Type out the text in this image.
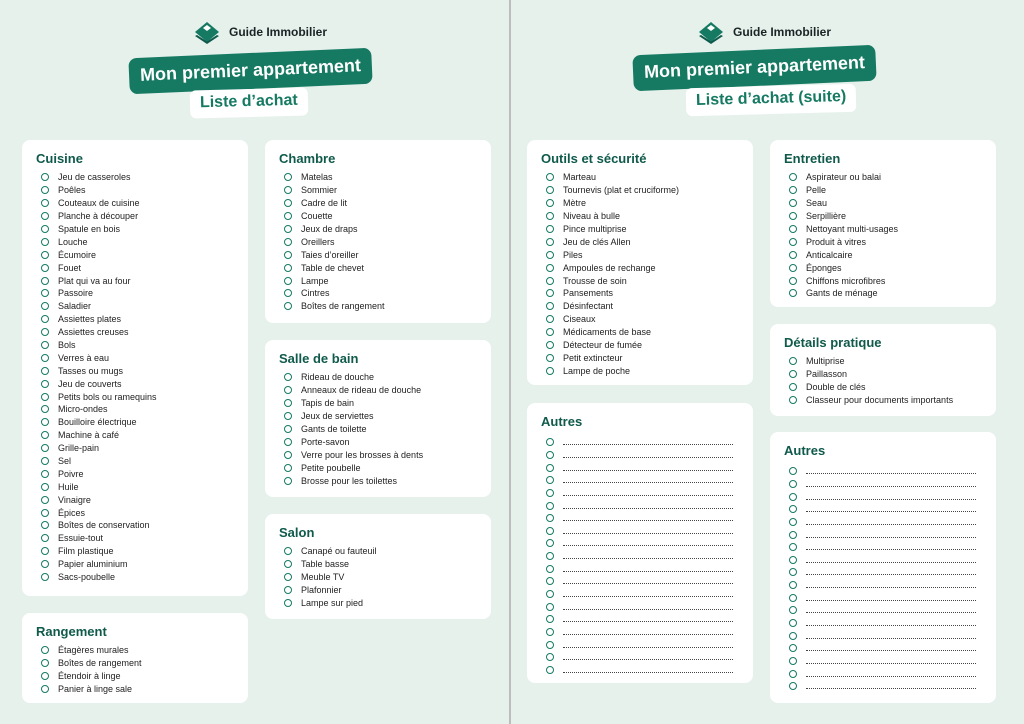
Guide Immobilier
Mon premier appartement
Liste d’achat
Cuisine
Jeu de casseroles
Poêles
Couteaux de cuisine
Planche à découper
Spatule en bois
Louche
Écumoire
Fouet
Plat qui va au four
Passoire
Saladier
Assiettes plates
Assiettes creuses
Bols
Verres à eau
Tasses ou mugs
Jeu de couverts
Petits bols ou ramequins
Micro-ondes
Bouilloire électrique
Machine à café
Grille-pain
Sel
Poivre
Huile
Vinaigre
Épices
Boîtes de conservation
Essuie-tout
Film plastique
Papier aluminium
Sacs-poubelle
Rangement
Étagères murales
Boîtes de rangement
Étendoir à linge
Panier à linge sale
Chambre
Matelas
Sommier
Cadre de lit
Couette
Jeux de draps
Oreillers
Taies d’oreiller
Table de chevet
Lampe
Cintres
Boîtes de rangement
Salle de bain
Rideau de douche
Anneaux de rideau de douche
Tapis de bain
Jeux de serviettes
Gants de toilette
Porte-savon
Verre pour les brosses à dents
Petite poubelle
Brosse pour les toilettes
Salon
Canapé ou fauteuil
Table basse
Meuble TV
Plafonnier
Lampe sur pied
Guide Immobilier
Mon premier appartement
Liste d’achat (suite)
Outils et sécurité
Marteau
Tournevis (plat et cruciforme)
Mètre
Niveau à bulle
Pince multiprise
Jeu de clés Allen
Piles
Ampoules de rechange
Trousse de soin
Pansements
Désinfectant
Ciseaux
Médicaments de base
Détecteur de fumée
Petit extincteur
Lampe de poche
Autres
Entretien
Aspirateur ou balai
Pelle
Seau
Serpillière
Nettoyant multi-usages
Produit à vitres
Anticalcaire
Éponges
Chiffons microfibres
Gants de ménage
Détails pratique
Multiprise
Paillasson
Double de clés
Classeur pour documents importants
Autres
